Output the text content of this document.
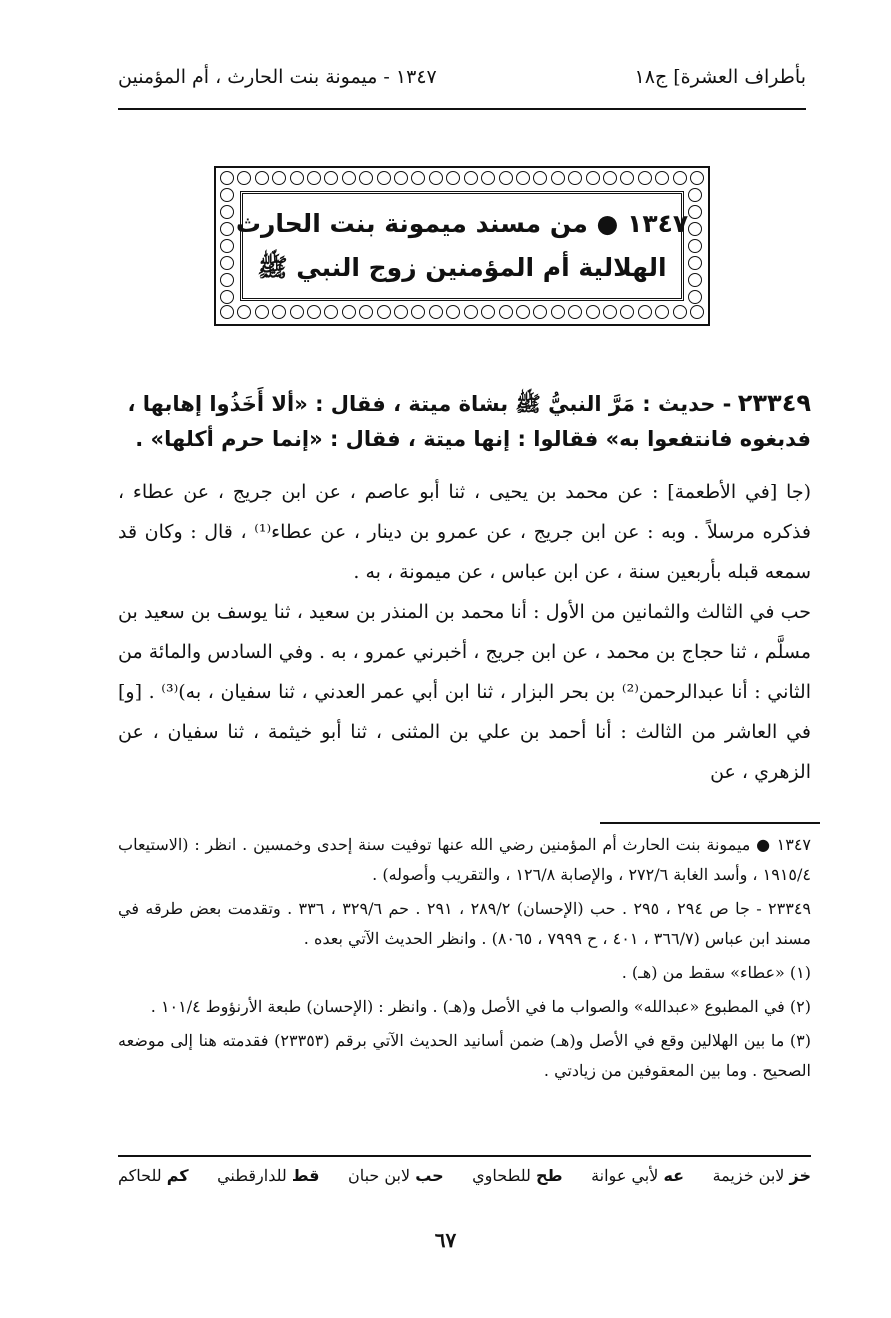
١٣٤٧ - ميمونة بنت الحارث ، أم المؤمنين	بأطراف العشرة] ج١٨
١٣٤٧ ● من مسند ميمونة بنت الحارث
الهلالية أم المؤمنين زوج النبي ﷺ
٢٣٣٤٩ - حديث : مَرَّ النبيُّ ﷺ بشاة ميتة ، فقال : «ألا أَخَذُوا إهابها ، فدبغوه فانتفعوا به» فقالوا : إنها ميتة ، فقال : «إنما حرم أكلها» .

(جا [في الأطعمة] : عن محمد بن يحيى ، ثنا أبو عاصم ، عن ابن جريج ، عن عطاء ، فذكره مرسلاً . وبه : عن ابن جريج ، عن عمرو بن دينار ، عن عطاء⁽¹⁾ ، قال : وكان قد سمعه قبله بأربعين سنة ، عن ابن عباس ، عن ميمونة ، به .

حب في الثالث والثمانين من الأول : أنا محمد بن المنذر بن سعيد ، ثنا يوسف بن سعيد بن مسلَّم ، ثنا حجاج بن محمد ، عن ابن جريج ، أخبرني عمرو ، به . وفي السادس والمائة من الثاني : أنا عبدالرحمن⁽²⁾ بن بحر البزار ، ثنا ابن أبي عمر العدني ، ثنا سفيان ، به)⁽³⁾ . [و] في العاشر من الثالث : أنا أحمد بن علي بن المثنى ، ثنا أبو خيثمة ، ثنا سفيان ، عن الزهري ، عن

١٣٤٧ ● ميمونة بنت الحارث أم المؤمنين رضي الله عنها توفيت سنة إحدى وخمسين . انظر : (الاستيعاب ١٩١٥/٤ ، وأسد الغابة ٢٧٢/٦ ، والإصابة ١٢٦/٨ ، والتقريب وأصوله) .

٢٣٣٤٩ - جا ص ٢٩٤ ، ٢٩٥ . حب (الإحسان) ٢٨٩/٢ ، ٢٩١ . حم ٣٢٩/٦ ، ٣٣٦ . وتقدمت بعض طرقه في مسند ابن عباس (٣٦٦/٧ ، ٤٠١ ، ح ٧٩٩٩ ، ٨٠٦٥) . وانظر الحديث الآتي بعده .

(١) «عطاء» سقط من (هـ) .

(٢) في المطبوع «عبدالله» والصواب ما في الأصل و(هـ) . وانظر : (الإحسان) طبعة الأرنؤوط ١٠١/٤ .

(٣) ما بين الهلالين وقع في الأصل و(هـ) ضمن أسانيد الحديث الآتي برقم (٢٣٣٥٣) فقدمته هنا إلى موضعه الصحيح . وما بين المعقوفين من زيادتي .

خز لابن خزيمة
عه لأبي عوانة
طح للطحاوي
حب لابن حبان
قط للدارقطني
كم للحاكم
٦٧
